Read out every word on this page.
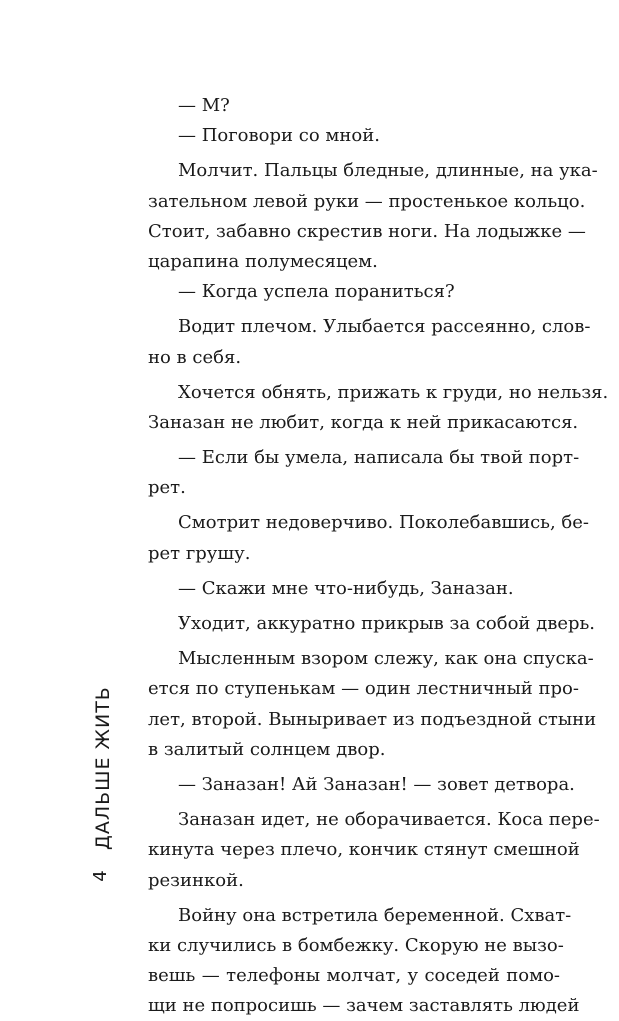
— М?
— Поговори со мной.
Молчит. Пальцы бледные, длинные, на ука-
зательном левой руки — простенькое кольцо.
Стоит, забавно скрестив ноги. На лодыжке —
царапина полумесяцем.
— Когда успела пораниться?
Водит плечом. Улыбается рассеянно, слов-
но в себя.
Хочется обнять, прижать к груди, но нельзя.
Заназан не любит, когда к ней прикасаются.
— Если бы умела, написала бы твой порт-
рет.
Смотрит недоверчиво. Поколебавшись, бе-
рет грушу.
— Скажи мне что-нибудь, Заназан.
Уходит, аккуратно прикрыв за собой дверь.
Мысленным взором слежу, как она спуска-
ется по ступенькам — один лестничный про-
лет, второй. Выныривает из подъездной стыни
в залитый солнцем двор.
— Заназан! Ай Заназан! — зовет детвора.
Заназан идет, не оборачивается. Коса пере-
кинута через плечо, кончик стянут смешной
резинкой.
Войну она встретила беременной. Схват-
ки случились в бомбежку. Скорую не вызо-
вешь — телефоны молчат, у соседей помо-
щи не попросишь — зачем заставлять людей
ДАЛЬШЕ ЖИТЬ
4
